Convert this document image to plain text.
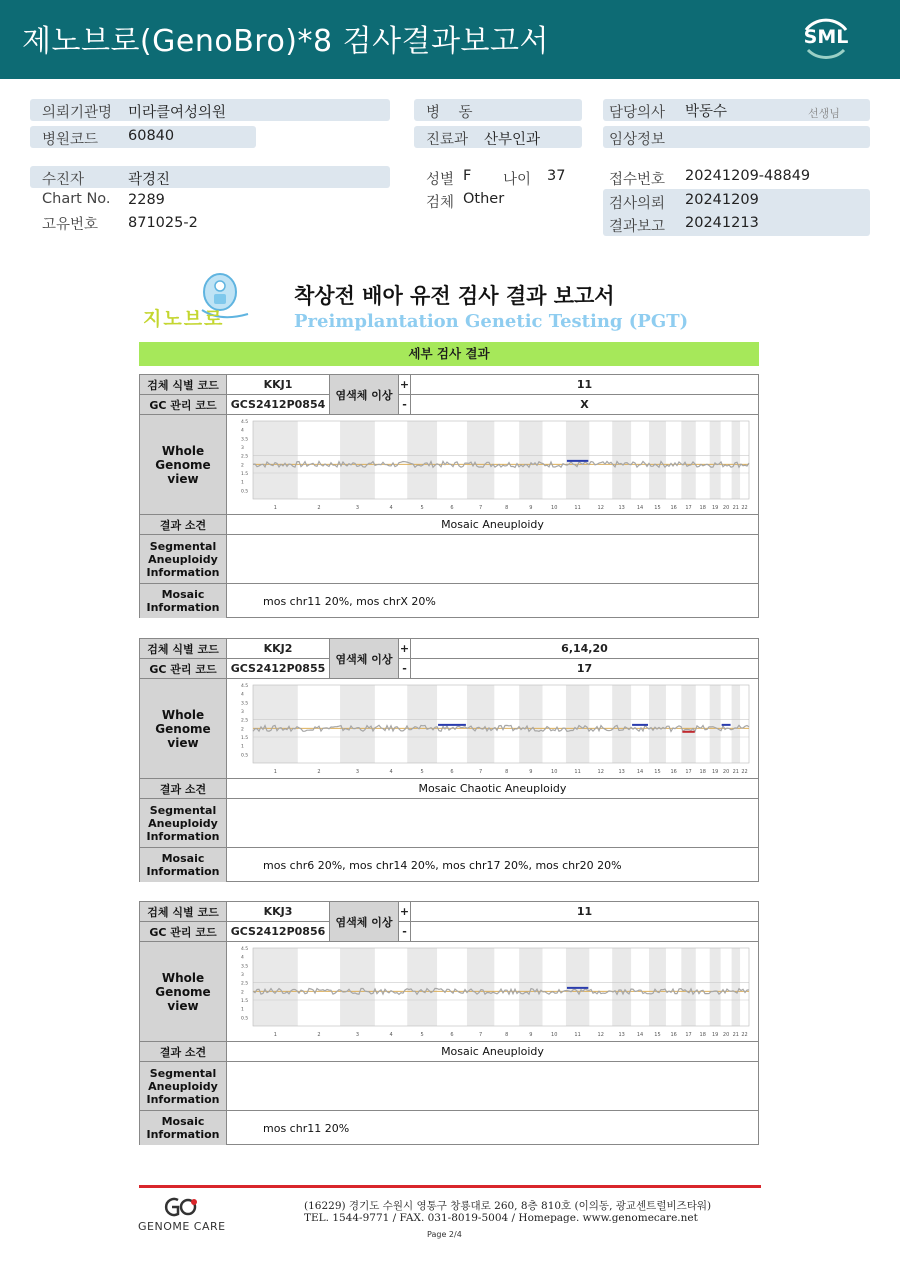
제노브로(GenoBro)*8 검사결과보고서	SML
의뢰기관명 미라클여성의원
병원코드 60840
수진자	곽경진
Chart No. 2289
고유번호 871025-2
병    동
진료과 산부인과
성별 F 나이 37
검체 Other
담당의사 박동수	선생님
임상정보
접수번호 20241209-48849
검사의뢰 20241209
결과보고 20241213
지노브로
착상전 배아 유전 검사 결과 보고서
Preimplantation Genetic Testing (PGT)
세부 검사 결과
검체 식별 코드	KKJ1
GC 관리 코드	GCS2412P0854
염색체 이상
+	11
-	X
Whole
Genome
view
4.5
4
3.5
3
2.5
2
1.5
1
0.5
1	2	3	4	5	6	7	8	9	10	11	12	13 14 15 16 17 18 19 20 21 22
결과 소견	Mosaic Aneuploidy
Segmental
Aneuploidy
Information
Mosaic
Information	mos chr11 20%, mos chrX 20%
검체 식별 코드	KKJ2
GC 관리 코드	GCS2412P0855
염색체 이상
+	6,14,20
-	17
Whole
Genome
view
4.5
4
3.5
3
2.5
2
1.5
1
0.5
1	2	3	4	5	6	7	8	9	10	11	12	13 14 15 16 17 18 19 20 21 22
결과 소견	Mosaic Chaotic Aneuploidy
Segmental
Aneuploidy
Information
Mosaic
Information	mos chr6 20%, mos chr14 20%, mos chr17 20%, mos chr20 20%
검체 식별 코드	KKJ3
GC 관리 코드	GCS2412P0856
염색체 이상
+	11
-
Whole
Genome
view
4.5
4
3.5
3
2.5
2
1.5
1
0.5
1	2	3	4	5	6	7	8	9	10	11	12	13 14 15 16 17 18 19 20 21 22
결과 소견	Mosaic Aneuploidy
Segmental
Aneuploidy
Information
Mosaic
Information	mos chr11 20%
GENOME CARE
(16229) 경기도 수원시 영통구 창룡대로 260, 8층 810호 (이의동, 광교센트럴비즈타워)
TEL. 1544-9771 / FAX. 031-8019-5004 / Homepage. www.genomecare.net
Page 2/4
